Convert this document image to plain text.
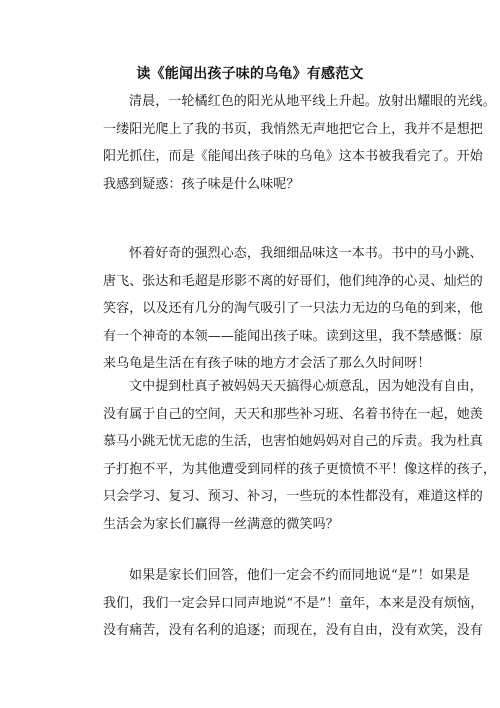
读《能闻出孩子味的乌龟》有感范文
清晨，一轮橘红色的阳光从地平线上升起。放射出耀眼的光线。
一缕阳光爬上了我的书页，我悄然无声地把它合上，我并不是想把
阳光抓住，而是《能闻出孩子味的乌龟》这本书被我看完了。开始
我感到疑惑：孩子味是什么味呢？
怀着好奇的强烈心态，我细细品味这一本书。书中的马小跳、
唐飞、张达和毛超是形影不离的好哥们，他们纯净的心灵、灿烂的
笑容，以及还有几分的淘气吸引了一只法力无边的乌龟的到来，他
有一个神奇的本领——能闻出孩子味。读到这里，我不禁感慨：原
来乌龟是生活在有孩子味的地方才会活了那么久时间呀！
文中提到杜真子被妈妈天天搞得心烦意乱，因为她没有自由，
没有属于自己的空间，天天和那些补习班、名着书待在一起，她羡
慕马小跳无忧无虑的生活，也害怕她妈妈对自己的斥责。我为杜真
子打抱不平，为其他遭受到同样的孩子更愤愤不平！像这样的孩子，
只会学习、复习、预习、补习，一些玩的本性都没有，难道这样的
生活会为家长们赢得一丝满意的微笑吗？
如果是家长们回答，他们一定会不约而同地说“是”！如果是
我们，我们一定会异口同声地说“不是”！童年，本来是没有烦恼，
没有痛苦，没有名利的追逐；而现在，没有自由，没有欢笑，没有
